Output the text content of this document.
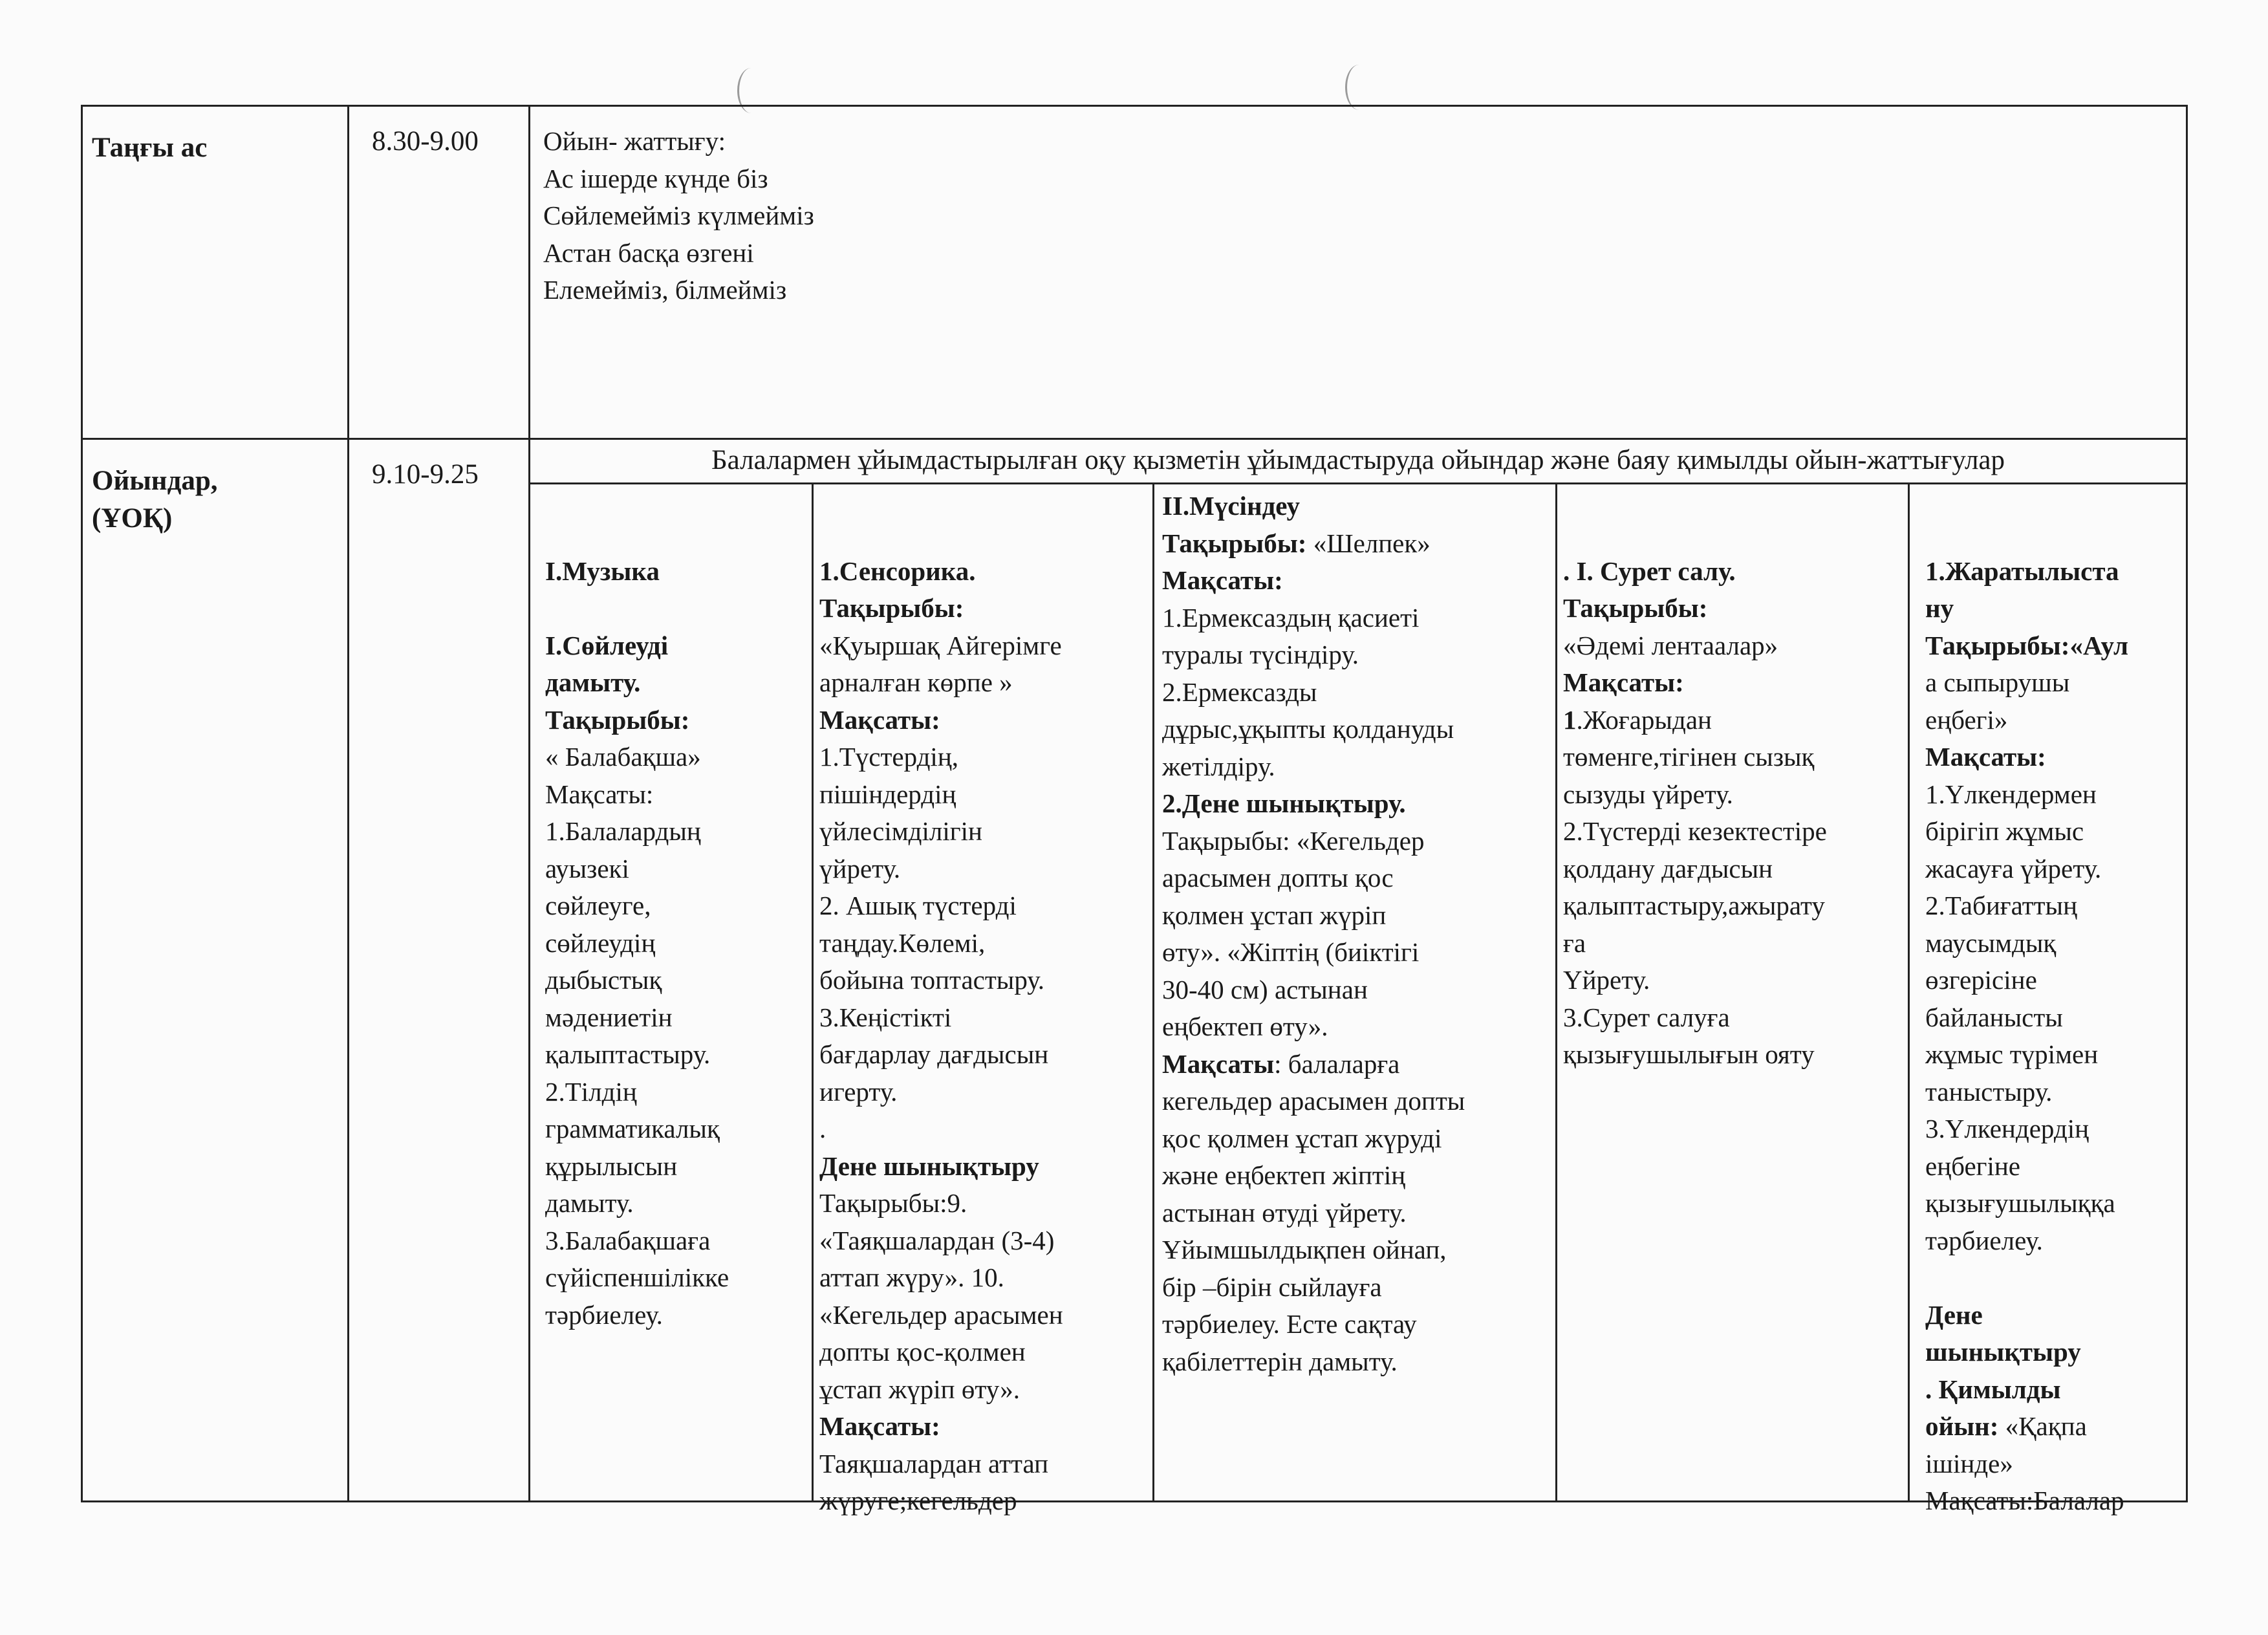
Таңғы ас	8.30-9.00 Ойын- жаттығу:
Ас ішерде күнде біз
Сөйлемейміз күлмейміз
Астан басқа өзгені
Елемейміз, білмейміз
Ойындар,
(ҰОҚ)
9.10-9.25	Балалармен ұйымдастырылған оқу қызметін ұйымдастыруда ойындар және баяу қимылды ойын-жаттығулар
І.Музыка
І.Сөйлеуді
дамыту.
Тақырыбы:
« Балабақша»
Мақсаты:
1.Балалардың
ауызекі
сөйлеуге,
сөйлеудің
дыбыстық
мәдениетін
қалыптастыру.
2.Тілдің
грамматикалық
құрылысын
дамыту.
3.Балабақшаға
сүйіспеншілікке
тәрбиелеу.
1.Сенсорика.
Тақырыбы:
«Қуыршақ Айгерімге
арналған көрпе »
Мақсаты:
1.Түстердің,
пішіндердің
үйлесімділігін
үйрету.
2. Ашық түстерді
таңдау.Көлемі,
бойына топтастыру.
3.Кеңістікті
бағдарлау дағдысын
игерту.
.
Дене шынықтыру
Тақырыбы:9.
«Таяқшалардан (3-4)
аттап жүру». 10.
«Кегельдер арасымен
допты қос-қолмен
ұстап жүріп өту».
Мақсаты:
Таяқшалардан аттап
жүруге;кегельдер
ІІ.Мүсіндеу
Тақырыбы: «Шелпек»
Мақсаты:
1.Ермексаздың қасиеті
туралы түсіндіру.
2.Ермексазды
дұрыс,ұқыпты қолдануды
жетілдіру.
2.Дене шынықтыру.
Тақырыбы: «Кегельдер
арасымен допты қос
қолмен ұстап жүріп
өту». «Жіптің (биіктігі
30-40 см) астынан
еңбектеп өту».
Мақсаты: балаларға
кегельдер арасымен допты
қос қолмен ұстап жүруді
және еңбектеп жіптің
астынан өтуді үйрету.
Ұйымшылдықпен ойнап,
бір –бірін сыйлауға
тәрбиелеу. Есте сақтау
қабілеттерін дамыту.
. І. Сурет салу.
Тақырыбы:
«Әдемі лентаалар»
Мақсаты:
1.Жоғарыдан
төменге,тігінен сызық
сызуды үйрету.
2.Түстерді кезектестіре
қолдану дағдысын
қалыптастыру,ажырату
ға
Үйрету.
3.Сурет салуға
қызығушылығын ояту
1.Жаратылыста
ну
Тақырыбы:«Аул
а сыпырушы
еңбегі»
Мақсаты:
1.Үлкендермен
бірігіп жұмыс
жасауға үйрету.
2.Табиғаттың
маусымдық
өзгерісіне
байланысты
жұмыс түрімен
таныстыру.
3.Үлкендердің
еңбегіне
қызығушылыққа
тәрбиелеу.
Дене
шынықтыру
. Қимылды
ойын: «Қақпа
ішінде»
Мақсаты:Балалар
